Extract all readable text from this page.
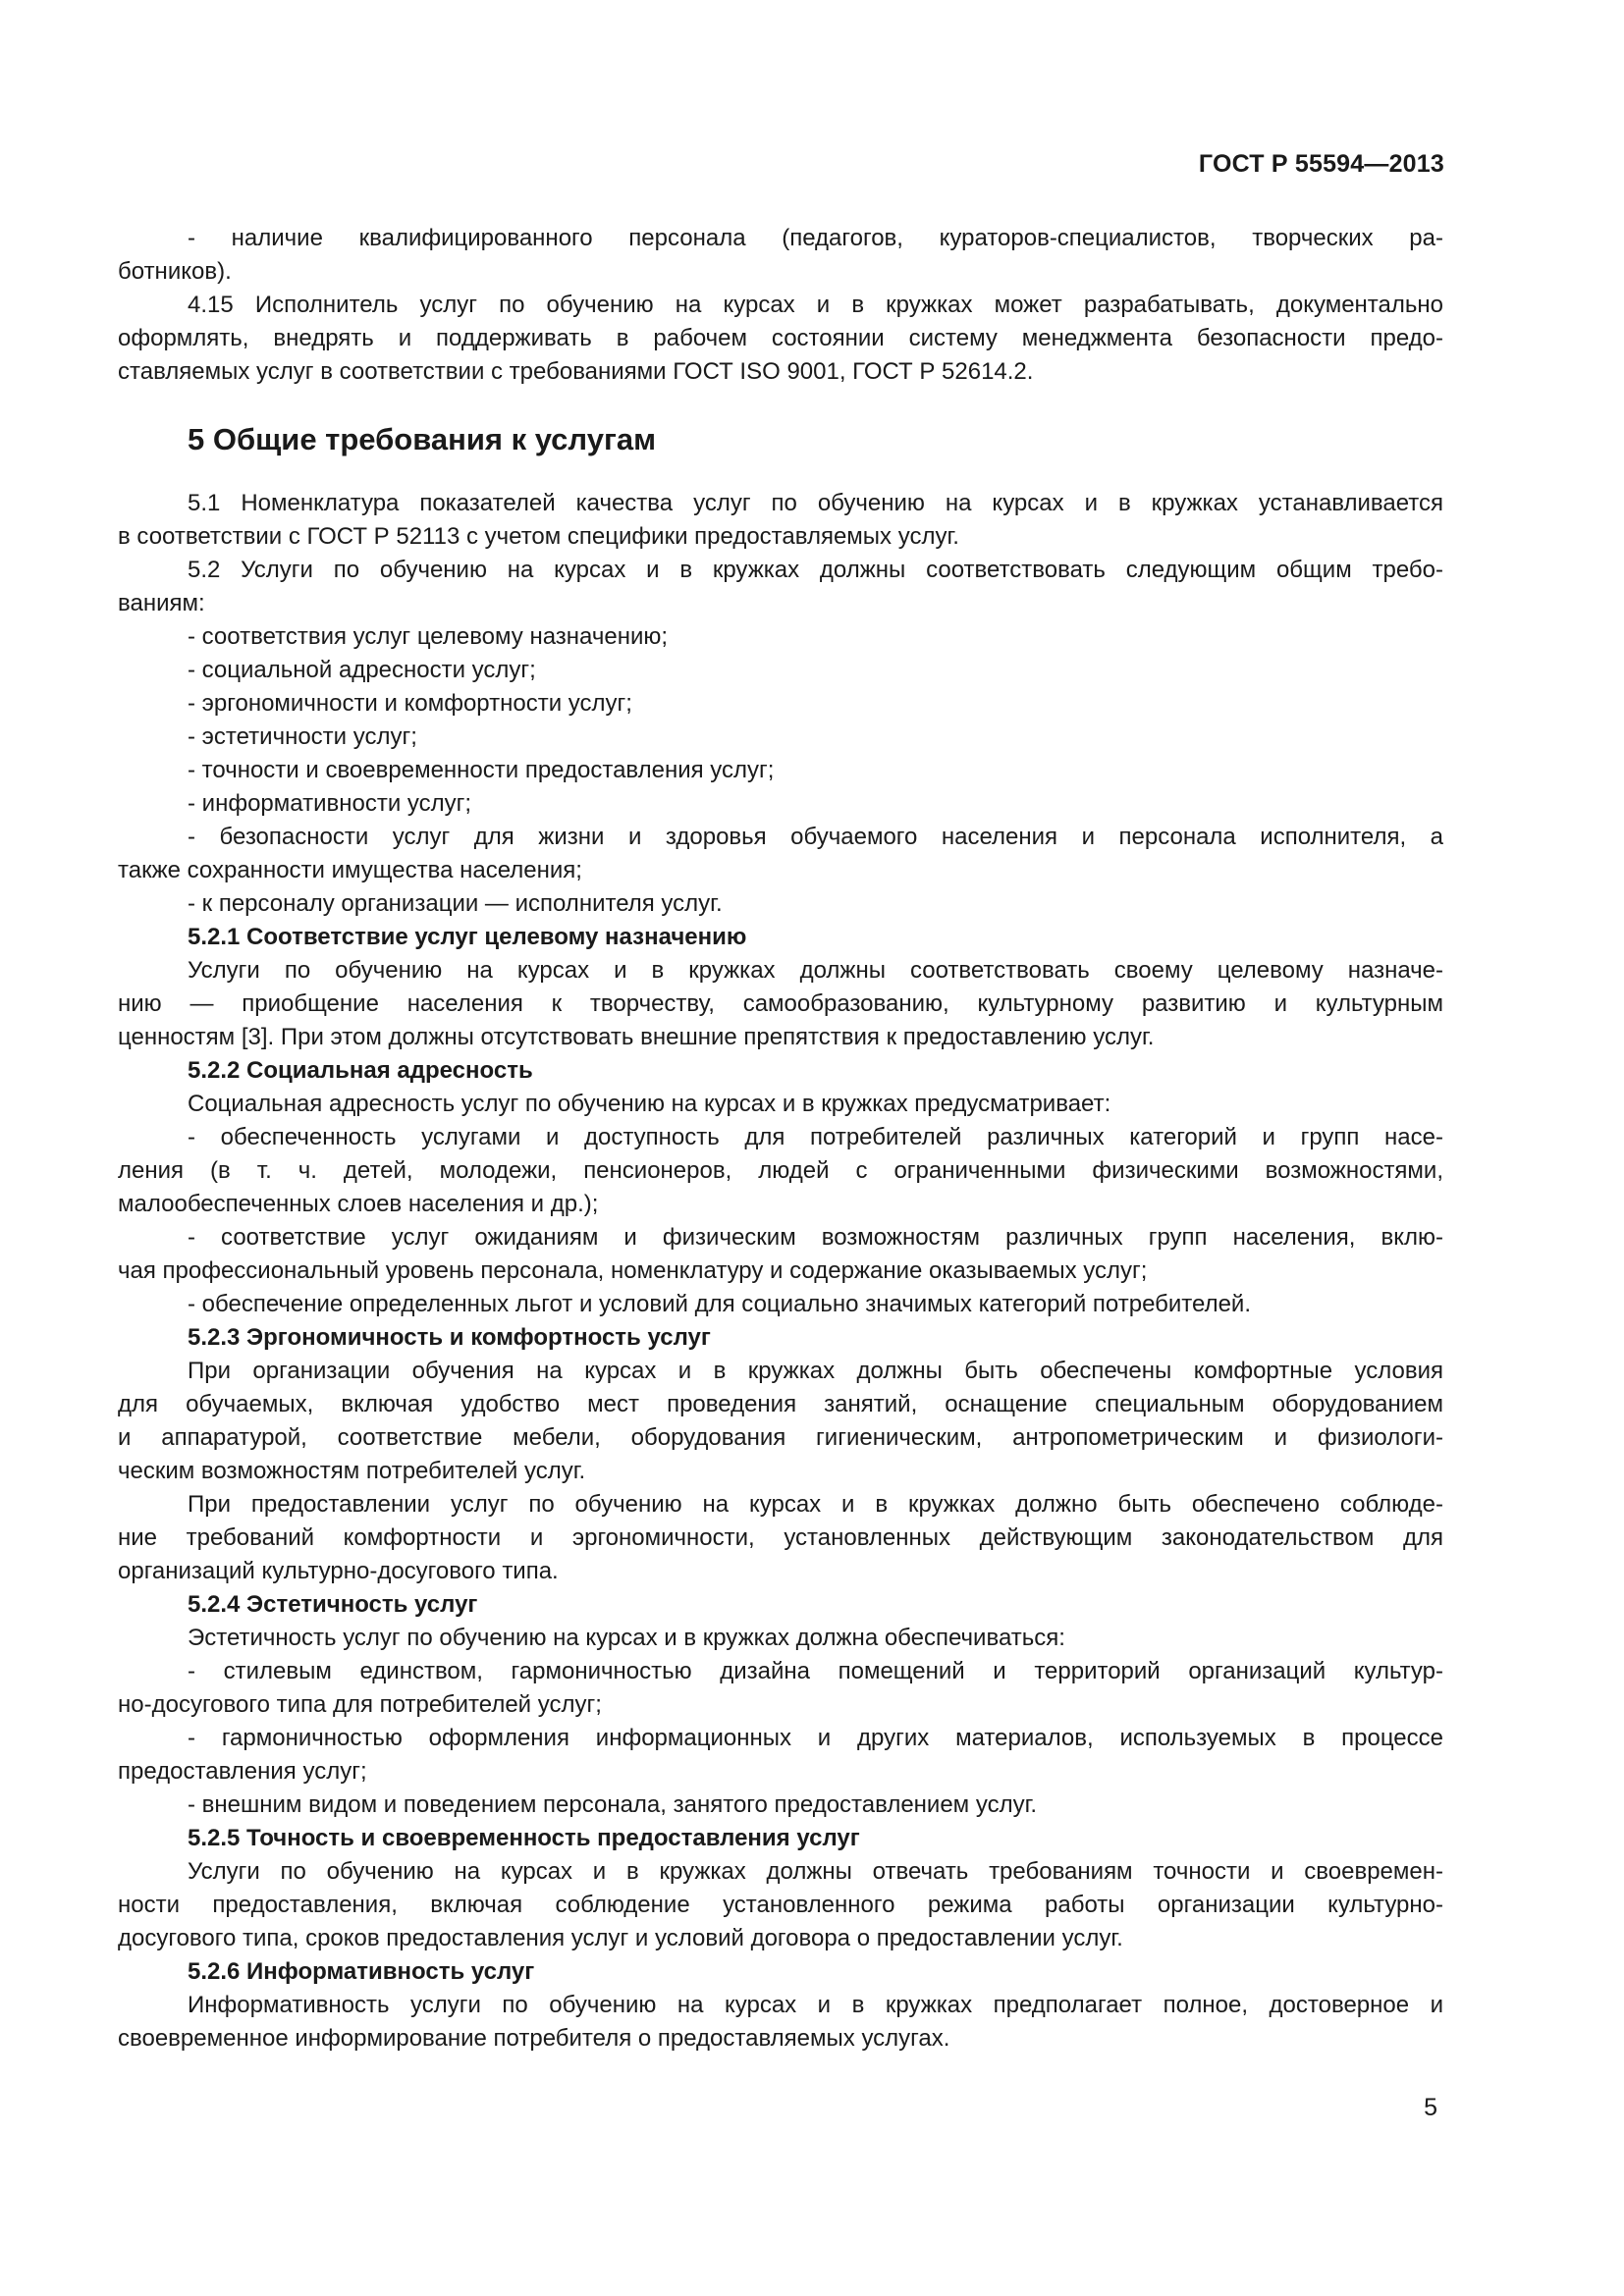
ГОСТ Р 55594—2013
- наличие квалифицированного персонала (педагогов, кураторов-специалистов, творческих ра-
ботников).
4.15 Исполнитель услуг по обучению на курсах и в кружках может разрабатывать, документально
оформлять, внедрять и поддерживать в рабочем состоянии систему менеджмента безопасности предо-
ставляемых услуг в соответствии с требованиями ГОСТ ISO 9001, ГОСТ Р 52614.2.
5 Общие требования к услугам
5.1 Номенклатура показателей качества услуг по обучению на курсах и в кружках устанавливается
в соответствии с ГОСТ Р 52113 с учетом специфики предоставляемых услуг.
5.2 Услуги по обучению на курсах и в кружках должны соответствовать следующим общим требо-
ваниям:
- соответствия услуг целевому назначению;
- социальной адресности услуг;
- эргономичности и комфортности услуг;
- эстетичности услуг;
- точности и своевременности предоставления услуг;
- информативности услуг;
- безопасности услуг для жизни и здоровья обучаемого населения и персонала исполнителя, а
также сохранности имущества населения;
- к персоналу организации — исполнителя услуг.
5.2.1 Соответствие услуг целевому назначению
Услуги по обучению на курсах и в кружках должны соответствовать своему целевому назначе-
нию — приобщение населения к творчеству, самообразованию, культурному развитию и культурным
ценностям [3]. При этом должны отсутствовать внешние препятствия к предоставлению услуг.
5.2.2 Социальная адресность
Социальная адресность услуг по обучению на курсах и в кружках предусматривает:
- обеспеченность услугами и доступность для потребителей различных категорий и групп насе-
ления (в т. ч. детей, молодежи, пенсионеров, людей с ограниченными физическими возможностями,
малообеспеченных слоев населения и др.);
- соответствие услуг ожиданиям и физическим возможностям различных групп населения, вклю-
чая профессиональный уровень персонала, номенклатуру и содержание оказываемых услуг;
- обеспечение определенных льгот и условий для социально значимых категорий потребителей.
5.2.3 Эргономичность и комфортность услуг
При организации обучения на курсах и в кружках должны быть обеспечены комфортные условия
для обучаемых, включая удобство мест проведения занятий, оснащение специальным оборудованием
и аппаратурой, соответствие мебели, оборудования гигиеническим, антропометрическим и физиологи-
ческим возможностям потребителей услуг.
При предоставлении услуг по обучению на курсах и в кружках должно быть обеспечено соблюде-
ние требований комфортности и эргономичности, установленных действующим законодательством для
организаций культурно-досугового типа.
5.2.4 Эстетичность услуг
Эстетичность услуг по обучению на курсах и в кружках должна обеспечиваться:
- стилевым единством, гармоничностью дизайна помещений и территорий организаций культур-
но-досугового типа для потребителей услуг;
- гармоничностью оформления информационных и других материалов, используемых в процессе
предоставления услуг;
- внешним видом и поведением персонала, занятого предоставлением услуг.
5.2.5 Точность и своевременность предоставления услуг
Услуги по обучению на курсах и в кружках должны отвечать требованиям точности и своевремен-
ности предоставления, включая соблюдение установленного режима работы организации культурно-
досугового типа, сроков предоставления услуг и условий договора о предоставлении услуг.
5.2.6 Информативность услуг
Информативность услуги по обучению на курсах и в кружках предполагает полное, достоверное и
своевременное информирование потребителя о предоставляемых услугах.
5
